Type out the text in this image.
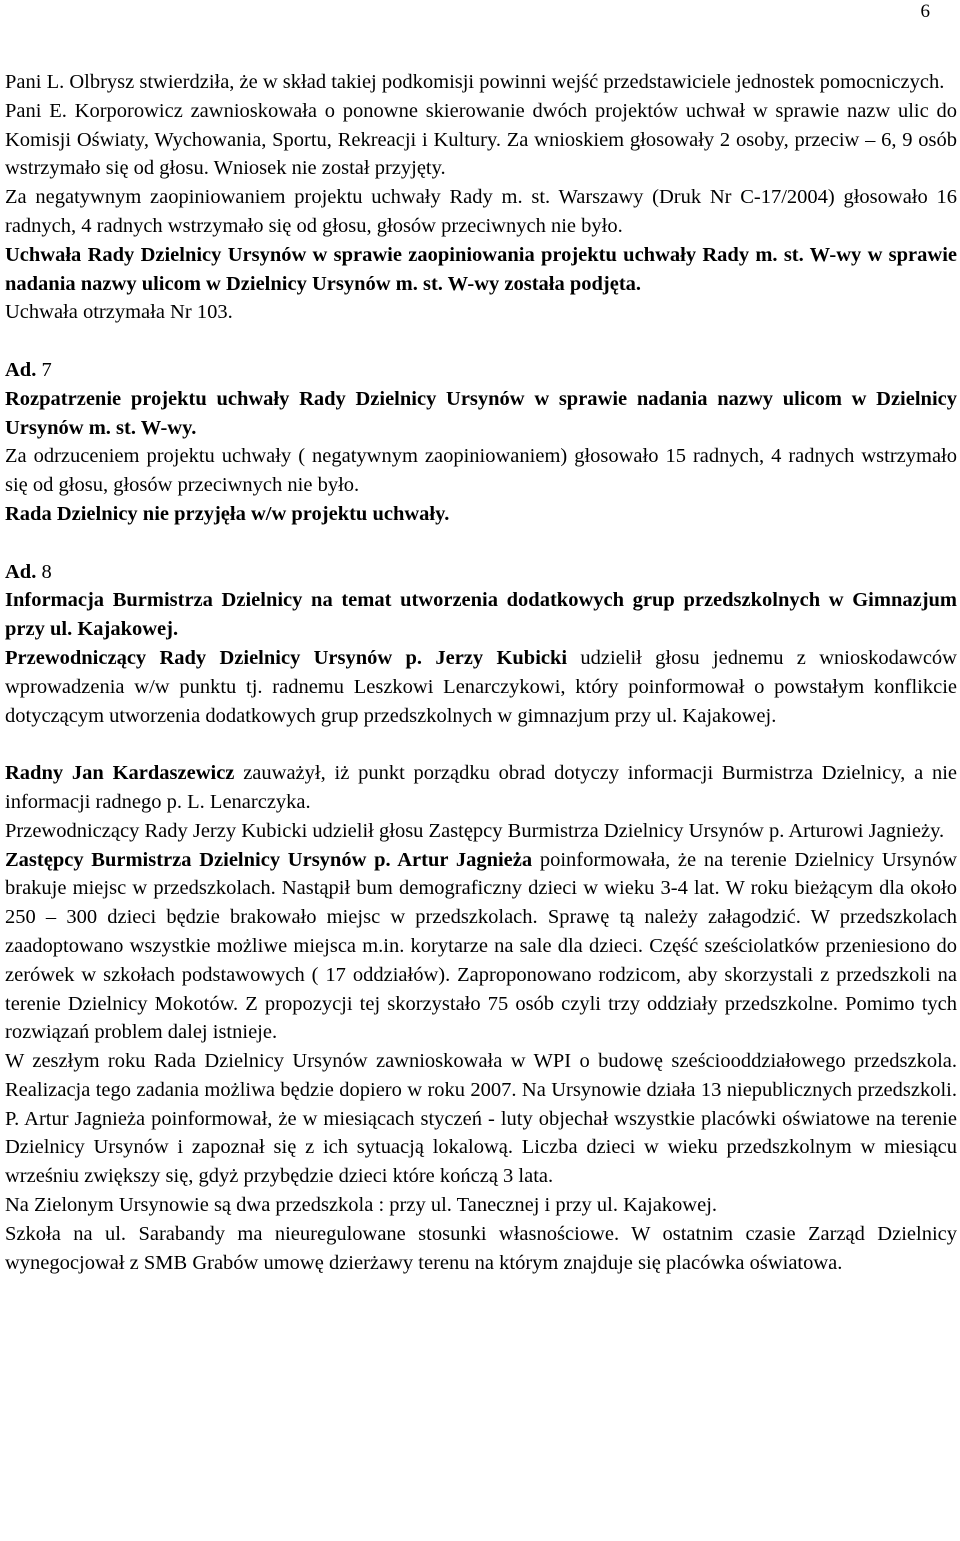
6

Pani L. Olbrysz stwierdziła, że w skład takiej podkomisji powinni wejść przedstawiciele jednostek pomocniczych.

Pani E. Korporowicz zawnioskowała o ponowne skierowanie dwóch projektów uchwał w sprawie nazw ulic do Komisji Oświaty, Wychowania, Sportu, Rekreacji i Kultury. Za wnioskiem głosowały 2 osoby, przeciw – 6, 9 osób wstrzymało się od głosu. Wniosek nie został przyjęty.

Za negatywnym zaopiniowaniem projektu uchwały Rady m. st. Warszawy (Druk Nr C-17/2004) głosowało 16 radnych, 4 radnych wstrzymało się od głosu, głosów przeciwnych nie było.

Uchwała Rady Dzielnicy Ursynów w sprawie zaopiniowania projektu uchwały Rady m. st. W-wy w sprawie nadania nazwy ulicom w Dzielnicy Ursynów m. st. W-wy została podjęta.

Uchwała otrzymała Nr 103.

Ad. 7

Rozpatrzenie projektu uchwały Rady Dzielnicy Ursynów w sprawie nadania nazwy ulicom w Dzielnicy Ursynów m. st. W-wy.

Za odrzuceniem projektu uchwały ( negatywnym zaopiniowaniem) głosowało 15 radnych, 4 radnych wstrzymało się od głosu, głosów przeciwnych nie było.

Rada Dzielnicy nie przyjęła w/w projektu uchwały.

Ad. 8

Informacja Burmistrza Dzielnicy na temat utworzenia dodatkowych grup przedszkolnych w Gimnazjum przy ul. Kajakowej.

Przewodniczący Rady Dzielnicy Ursynów p. Jerzy Kubicki udzielił głosu jednemu z wnioskodawców wprowadzenia w/w punktu tj. radnemu Leszkowi Lenarczykowi, który poinformował o powstałym konflikcie dotyczącym utworzenia dodatkowych grup przedszkolnych w gimnazjum przy ul. Kajakowej.

Radny Jan Kardaszewicz zauważył, iż punkt porządku obrad dotyczy informacji Burmistrza Dzielnicy, a nie informacji radnego p. L. Lenarczyka.

Przewodniczący Rady Jerzy Kubicki udzielił głosu Zastępcy Burmistrza Dzielnicy Ursynów p. Arturowi Jagnieży.

Zastępcy Burmistrza Dzielnicy Ursynów p. Artur Jagnieża poinformowała, że na terenie Dzielnicy Ursynów brakuje miejsc w przedszkolach. Nastąpił bum demograficzny dzieci w wieku 3-4 lat. W roku bieżącym dla około 250 – 300 dzieci będzie brakowało miejsc w przedszkolach. Sprawę tą należy załagodzić. W przedszkolach zaadoptowano wszystkie możliwe miejsca m.in. korytarze na sale dla dzieci. Część sześciolatków przeniesiono do zerówek w szkołach podstawowych ( 17 oddziałów). Zaproponowano rodzicom, aby skorzystali z przedszkoli na terenie Dzielnicy Mokotów. Z propozycji tej skorzystało 75 osób czyli trzy oddziały przedszkolne. Pomimo tych rozwiązań problem dalej istnieje.

W zeszłym roku Rada Dzielnicy Ursynów zawnioskowała w WPI o budowę sześciooddziałowego przedszkola. Realizacja tego zadania możliwa będzie dopiero w roku 2007. Na Ursynowie działa 13 niepublicznych przedszkoli. P. Artur Jagnieża poinformował, że w miesiącach styczeń - luty objechał wszystkie placówki oświatowe na terenie Dzielnicy Ursynów i zapoznał się z ich sytuacją lokalową. Liczba dzieci w wieku przedszkolnym w miesiącu wrześniu zwiększy się, gdyż przybędzie dzieci które kończą 3 lata.

Na Zielonym Ursynowie są dwa przedszkola : przy ul. Tanecznej i przy ul. Kajakowej.

Szkoła na ul. Sarabandy ma nieuregulowane stosunki własnościowe. W ostatnim czasie Zarząd Dzielnicy wynegocjował z SMB Grabów umowę dzierżawy terenu na którym znajduje się placówka oświatowa.
